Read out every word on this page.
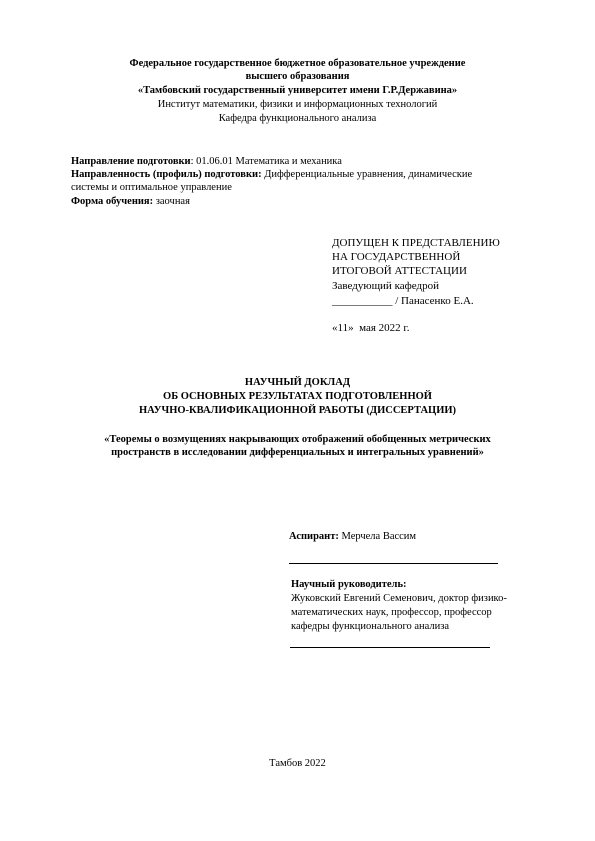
Федеральное государственное бюджетное образовательное учреждение
высшего образования
«Тамбовский государственный университет имени Г.Р.Державина»
Институт математики, физики и информационных технологий
Кафедра функционального анализа
Направление подготовки: 01.06.01 Математика и механика
Направленность (профиль) подготовки: Дифференциальные уравнения, динамические
системы и оптимальное управление
Форма обучения: заочная
ДОПУЩЕН К ПРЕДСТАВЛЕНИЮ
НА ГОСУДАРСТВЕННОЙ
ИТОГОВОЙ АТТЕСТАЦИИ
Заведующий кафедрой
___________ / Панасенко Е.А.
«11»  мая 2022 г.
НАУЧНЫЙ ДОКЛАД
ОБ ОСНОВНЫХ РЕЗУЛЬТАТАХ ПОДГОТОВЛЕННОЙ
НАУЧНО-КВАЛИФИКАЦИОННОЙ РАБОТЫ (ДИССЕРТАЦИИ)
«Теоремы о возмущениях накрывающих отображений обобщенных метрических
пространств в исследовании дифференциальных и интегральных уравнений»
Аспирант: Мерчела Вассим
Научный руководитель:
Жуковский Евгений Семенович, доктор физико-
математических наук, профессор, профессор
кафедры функционального анализа
Тамбов 2022
